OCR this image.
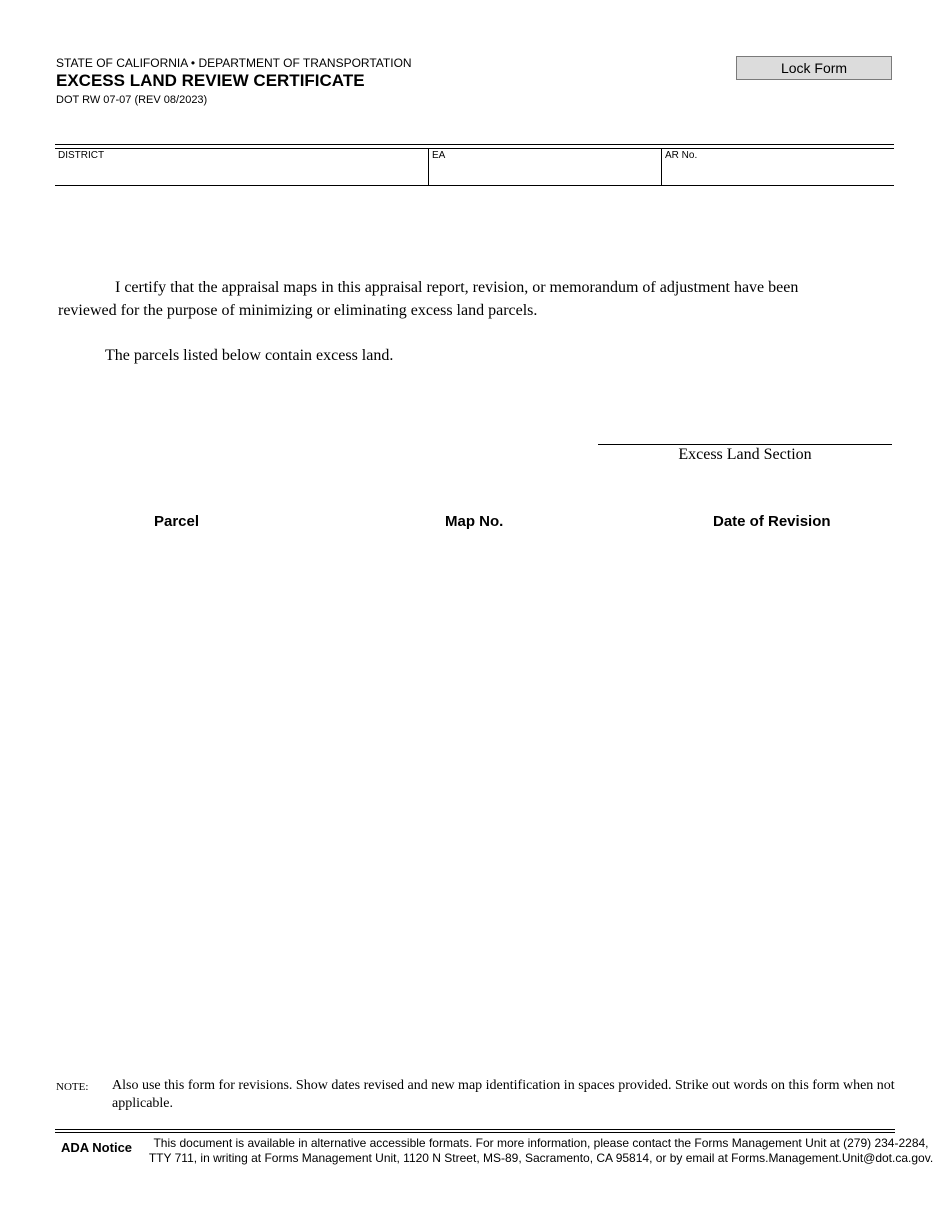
STATE OF CALIFORNIA • DEPARTMENT OF TRANSPORTATION
EXCESS LAND REVIEW CERTIFICATE
DOT RW 07-07 (REV 08/2023)
Lock Form
DISTRICT	EA	AR No.

I certify that the appraisal maps in this appraisal report, revision, or memorandum of adjustment have been reviewed for the purpose of minimizing or eliminating excess land parcels.

The parcels listed below contain excess land.

Excess Land Section
Parcel	Map No.	Date of Revision
NOTE: Also use this form for revisions. Show dates revised and new map identification in spaces provided. Strike out words on this form when not applicable.

ADA Notice	This document is available in alternative accessible formats. For more information, please contact the Forms Management Unit at (279) 234-2284,
TTY 711, in writing at Forms Management Unit, 1120 N Street, MS-89, Sacramento, CA 95814, or by email at Forms.Management.Unit@dot.ca.gov.
